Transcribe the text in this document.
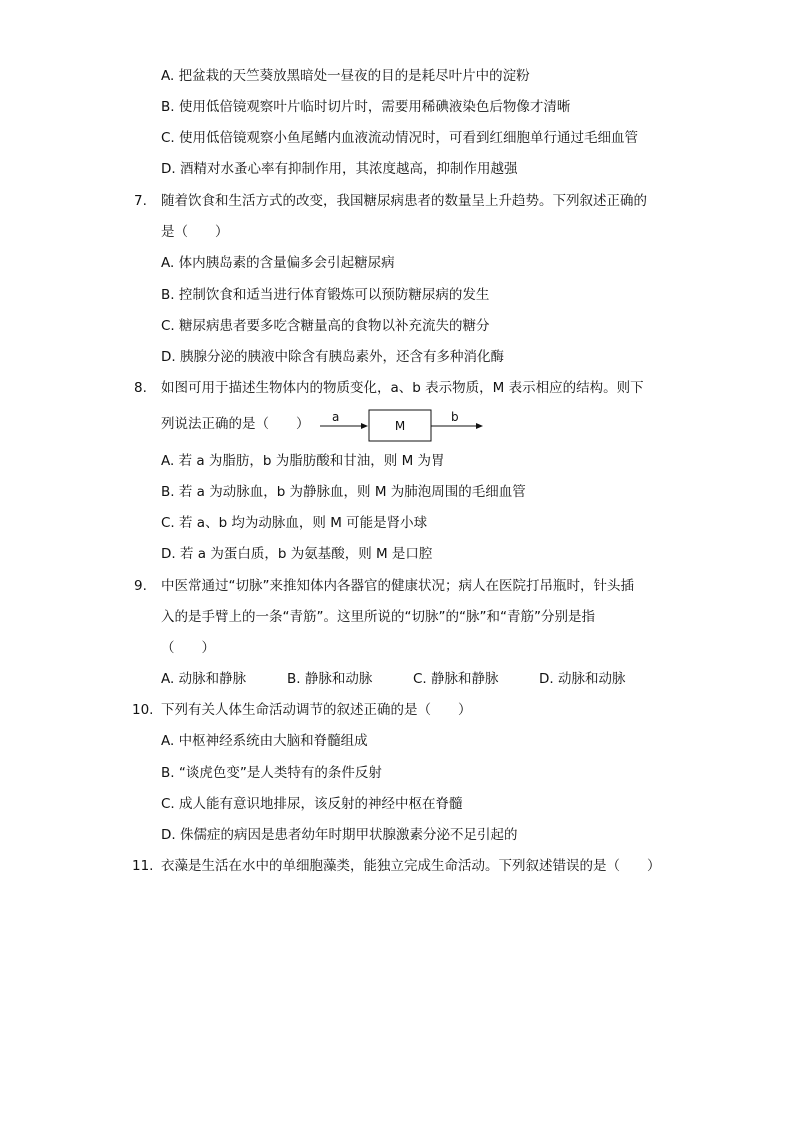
A. 把盆栽的天竺葵放黑暗处一昼夜的目的是耗尽叶片中的淀粉
B. 使用低倍镜观察叶片临时切片时，需要用稀碘液染色后物像才清晰
C. 使用低倍镜观察小鱼尾鳍内血液流动情况时，可看到红细胞单行通过毛细血管
D. 酒精对水蚤心率有抑制作用，其浓度越高，抑制作用越强
7. 随着饮食和生活方式的改变，我国糖尿病患者的数量呈上升趋势。下列叙述正确的
是（　　）
A. 体内胰岛素的含量偏多会引起糖尿病
B. 控制饮食和适当进行体育锻炼可以预防糖尿病的发生
C. 糖尿病患者要多吃含糖量高的食物以补充流失的糖分
D. 胰腺分泌的胰液中除含有胰岛素外，还含有多种消化酶
8. 如图可用于描述生物体内的物质变化，a、b 表示物质，M 表示相应的结构。则下
列说法正确的是（　　） a
M
b
A. 若 a 为脂肪，b 为脂肪酸和甘油，则 M 为胃
B. 若 a 为动脉血，b 为静脉血，则 M 为肺泡周围的毛细血管
C. 若 a、b 均为动脉血，则 M 可能是肾小球
D. 若 a 为蛋白质，b 为氨基酸，则 M 是口腔
9. 中医常通过“切脉”来推知体内各器官的健康状况；病人在医院打吊瓶时，针头插
入的是手臂上的一条“青筋”。这里所说的“切脉”的“脉”和“青筋”分别是指
（　　）
A. 动脉和静脉	B. 静脉和动脉	C. 静脉和静脉	D. 动脉和动脉
10. 下列有关人体生命活动调节的叙述正确的是（　　）
A. 中枢神经系统由大脑和脊髓组成
B. “谈虎色变”是人类特有的条件反射
C. 成人能有意识地排尿，该反射的神经中枢在脊髓
D. 侏儒症的病因是患者幼年时期甲状腺激素分泌不足引起的
11. 衣藻是生活在水中的单细胞藻类，能独立完成生命活动。下列叙述错误的是（　　）
